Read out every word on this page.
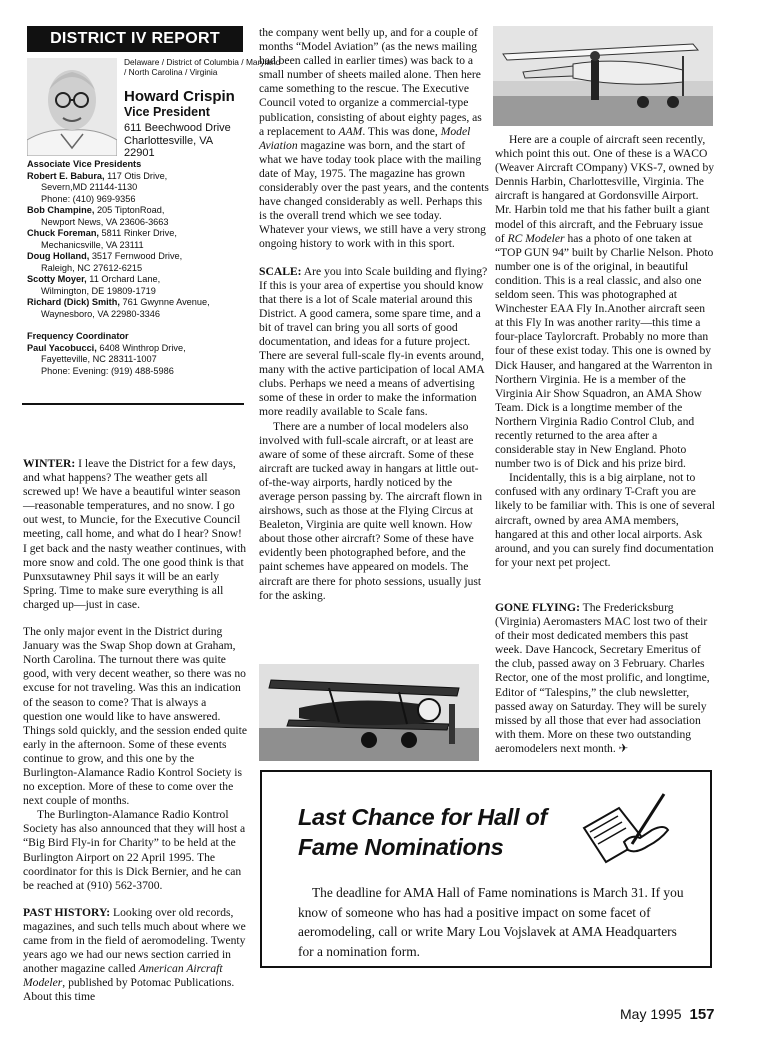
DISTRICT IV REPORT
Delaware / District of Columbia / Maryland / North Carolina / Virginia
Howard Crispin
Vice President
611 Beechwood Drive
Charlottesville, VA
22901
Associate Vice Presidents
Robert E. Babura, 117 Otis Drive,
Severn,MD 21144-1130
Phone: (410) 969-9356
Bob Champine, 205 TiptonRoad,
Newport News, VA 23606-3663
Chuck Foreman, 5811 Rinker Drive,
Mechanicsville, VA 23111
Doug Holland, 3517 Fernwood Drive,
Raleigh, NC 27612-6215
Scotty Moyer, 11 Orchard Lane,
Wilmington, DE 19809-1719
Richard (Dick) Smith, 761 Gwynne Avenue,
Waynesboro, VA 22980-3346
Frequency Coordinator
Paul Yacobucci, 6408 Winthrop Drive,
Fayetteville, NC 28311-1007
Phone: Evening: (919) 488-5986

WINTER: I leave the District for a few days, and what happens? The weather gets all screwed up! We have a beautiful winter season—reasonable temperatures, and no snow. I go out west, to Muncie, for the Executive Council meeting, call home, and what do I hear? Snow! I get back and the nasty weather continues, with more snow and cold. The one good think is that Punxsutawney Phil says it will be an early Spring. Time to make sure everything is all charged up—just in case.

The only major event in the District during January was the Swap Shop down at Graham, North Carolina. The turnout there was quite good, with very decent weather, so there was no excuse for not traveling. Was this an indication of the season to come? That is always a question one would like to have answered. Things sold quickly, and the session ended quite early in the afternoon. Some of these events continue to grow, and this one by the Burlington-Alamance Radio Kontrol Society is no exception. More of these to come over the next couple of months.

The Burlington-Alamance Radio Kontrol Society has also announced that they will host a “Big Bird Fly-in for Charity” to be held at the Burlington Airport on 22 April 1995. The coordinator for this is Dick Bernier, and he can be reached at (910) 562-3700.

PAST HISTORY: Looking over old records, magazines, and such tells much about where we came from in the field of aeromodeling. Twenty years ago we had our news section carried in another magazine called American Aircraft Modeler, published by Potomac Publications. About this time

the company went belly up, and for a couple of months “Model Aviation” (as the news mailing had been called in earlier times) was back to a small number of sheets mailed alone. Then here came something to the rescue. The Executive Council voted to organize a commercial-type publication, consisting of about eighty pages, as a replacement to AAM. This was done, Model Aviation magazine was born, and the start of what we have today took place with the mailing date of May, 1975. The magazine has grown considerably over the past years, and the contents have changed considerably as well. Perhaps this is the overall trend which we see today. Whatever your views, we still have a very strong ongoing history to work with in this sport.

SCALE: Are you into Scale building and flying? If this is your area of expertise you should know that there is a lot of Scale material around this District. A good camera, some spare time, and a bit of travel can bring you all sorts of good documentation, and ideas for a future project. There are several full-scale fly-in events around, many with the active participation of local AMA clubs. Perhaps we need a means of advertising some of these in order to make the information more readily available to Scale fans.

There are a number of local modelers also involved with full-scale aircraft, or at least are aware of some of these aircraft. Some of these aircraft are tucked away in hangars at little out-of-the-way airports, hardly noticed by the average person passing by. The aircraft flown in airshows, such as those at the Flying Circus at Bealeton, Virginia are quite well known. How about those other aircraft? Some of these have evidently been photographed before, and the paint schemes have appeared on models. The aircraft are there for photo sessions, usually just for the asking.

Here are a couple of aircraft seen recently, which point this out. One of these is a WACO (Weaver Aircraft COmpany) VKS-7, owned by Dennis Harbin, Charlottesville, Virginia. The aircraft is hangared at Gordonsville Airport. Mr. Harbin told me that his father built a giant model of this aircraft, and the February issue of RC Modeler has a photo of one taken at “TOP GUN 94” built by Charlie Nelson. Photo number one is of the original, in beautiful condition. This is a real classic, and also one seldom seen. This was photographed at Winchester EAA Fly In.Another aircraft seen at this Fly In was another rarity—this time a four-place Taylorcraft. Probably no more than four of these exist today. This one is owned by Dick Hauser, and hangared at the Warrenton in Northern Virginia. He is a member of the Virginia Air Show Squadron, an AMA Show Team. Dick is a longtime member of the Northern Virginia Radio Control Club, and recently returned to the area after a considerable stay in New England. Photo number two is of Dick and his prize bird.

Incidentally, this is a big airplane, not to confused with any ordinary T-Craft you are likely to be familiar with. This is one of several aircraft, owned by area AMA members, hangared at this and other local airports. Ask around, and you can surely find documentation for your next pet project.

GONE FLYING: The Fredericksburg (Virginia) Aeromasters MAC lost two of their of their most dedicated members this past week. Dave Hancock, Secretary Emeritus of the club, passed away on 3 February. Charles Rector, one of the most prolific, and longtime, Editor of “Talespins,” the club newsletter, passed away on Saturday. They will be surely missed by all those that ever had association with them. More on these two outstanding aeromodelers next month. ✈

Last Chance for Hall of Fame Nominations
The deadline for AMA Hall of Fame nominations is March 31. If you know of someone who has had a positive impact on some facet of aeromodeling, call or write Mary Lou Vojslavek at AMA Headquarters for a nomination form.
May 1995 157
